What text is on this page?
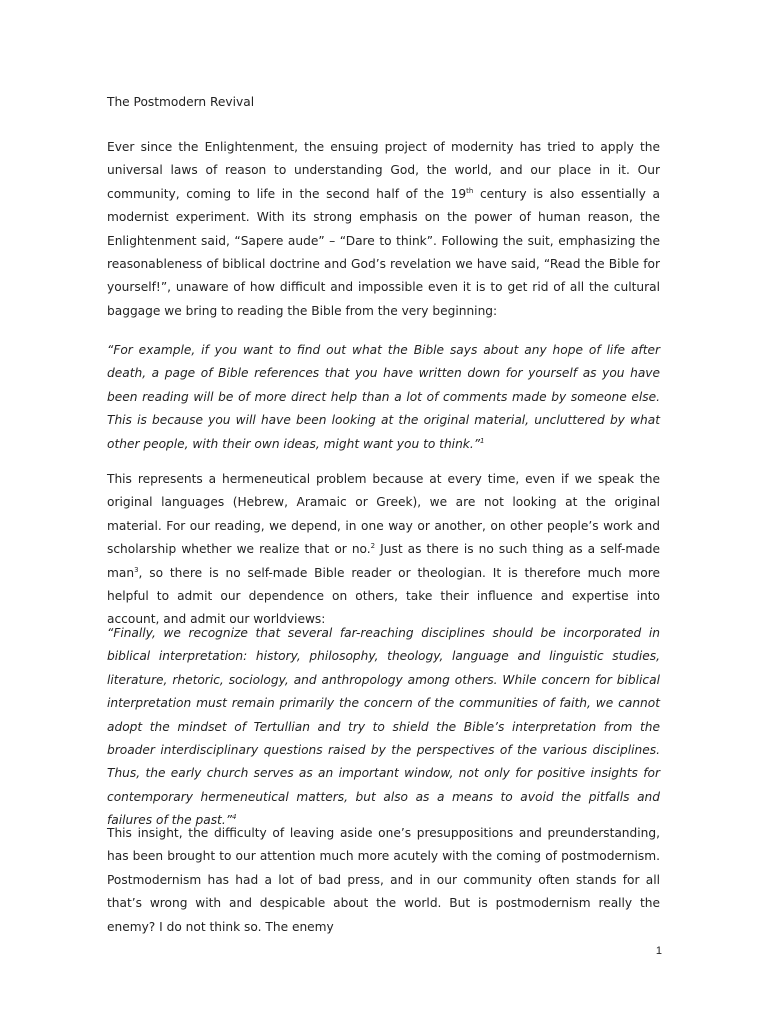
The Postmodern Revival

Ever since the Enlightenment, the ensuing project of modernity has tried to apply the universal laws of reason to understanding God, the world, and our place in it. Our community, coming to life in the second half of the 19th century is also essentially a modernist experiment. With its strong emphasis on the power of human reason, the Enlightenment said, “Sapere aude” – “Dare to think”. Following the suit, emphasizing the reasonableness of biblical doctrine and God’s revelation we have said, “Read the Bible for yourself!”, unaware of how difficult and impossible even it is to get rid of all the cultural baggage we bring to reading the Bible from the very beginning:

“For example, if you want to find out what the Bible says about any hope of life after death, a page of Bible references that you have written down for yourself as you have been reading will be of more direct help than a lot of comments made by someone else. This is because you will have been looking at the original material, uncluttered by what other people, with their own ideas, might want you to think.”$^1$

This represents a hermeneutical problem because at every time, even if we speak the original languages (Hebrew, Aramaic or Greek), we are not looking at the original material. For our reading, we depend, in one way or another, on other people’s work and scholarship whether we realize that or no.$^2$ Just as there is no such thing as a self-made man$^3$, so there is no self-made Bible reader or theologian. It is therefore much more helpful to admit our dependence on others, take their influence and expertise into account, and admit our worldviews:

“Finally, we recognize that several far-reaching disciplines should be incorporated in biblical interpretation: history, philosophy, theology, language and linguistic studies, literature, rhetoric, sociology, and anthropology among others. While concern for biblical interpretation must remain primarily the concern of the communities of faith, we cannot adopt the mindset of Tertullian and try to shield the Bible’s interpretation from the broader interdisciplinary questions raised by the perspectives of the various disciplines. Thus, the early church serves as an important window, not only for positive insights for contemporary hermeneutical matters, but also as a means to avoid the pitfalls and failures of the past.”$^4$

This insight, the difficulty of leaving aside one’s presuppositions and preunderstanding, has been brought to our attention much more acutely with the coming of postmodernism. Postmodernism has had a lot of bad press, and in our community often stands for all that’s wrong with and despicable about the world. But is postmodernism really the enemy? I do not think so. The enemy

1
